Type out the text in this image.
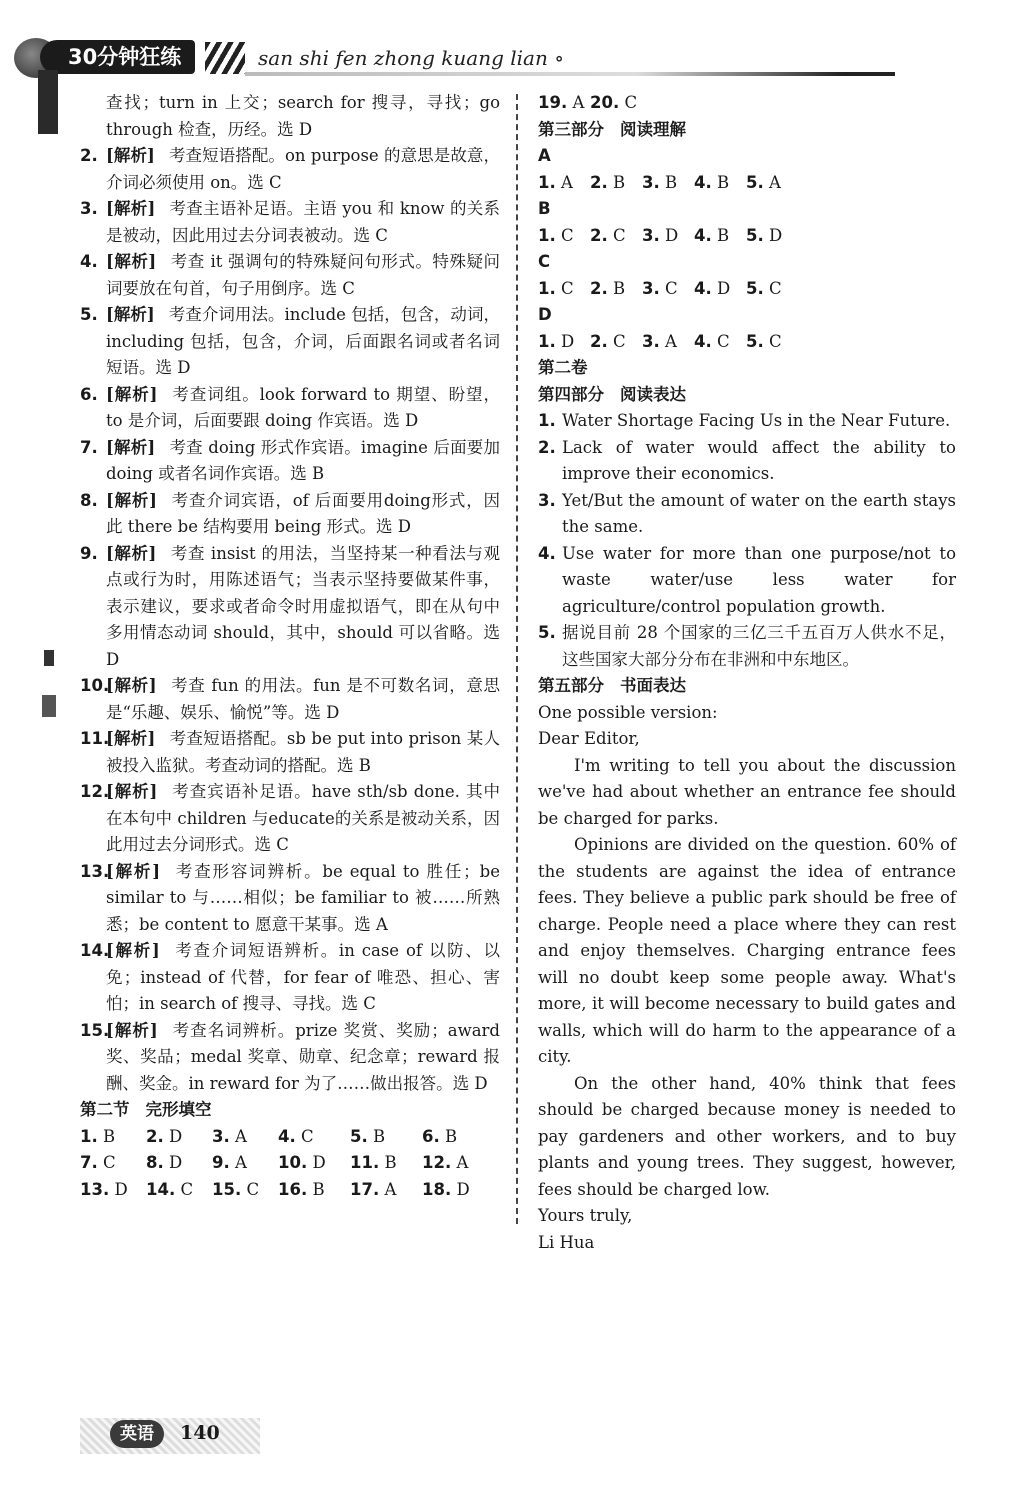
30分钟狂练	san shi fen zhong kuang lian ∘
查找；turn in 上交；search for 搜寻，寻找；go through 检查，历经。选 D
2. [解析] 考查短语搭配。on purpose 的意思是故意，介词必须使用 on。选 C
3. [解析] 考查主语补足语。主语 you 和 know 的关系是被动，因此用过去分词表被动。选 C
4. [解析] 考查 it 强调句的特殊疑问句形式。特殊疑问词要放在句首，句子用倒序。选 C
5. [解析] 考查介词用法。include 包括，包含，动词，including 包括，包含，介词，后面跟名词或者名词短语。选 D
6. [解析] 考查词组。look forward to 期望、盼望，to 是介词，后面要跟 doing 作宾语。选 D
7. [解析] 考查 doing 形式作宾语。imagine 后面要加 doing 或者名词作宾语。选 B
8. [解析] 考查介词宾语，of 后面要用doing形式，因此 there be 结构要用 being 形式。选 D
9. [解析] 考查 insist 的用法，当坚持某一种看法与观点或行为时，用陈述语气；当表示坚持要做某件事，表示建议，要求或者命令时用虚拟语气，即在从句中多用情态动词 should，其中，should 可以省略。选 D
10.
[解析] 考查 fun 的用法。fun 是不可数名词，意思是“乐趣、娱乐、愉悦”等。选 D
11.
[解析] 考查短语搭配。sb be put into prison 某人被投入监狱。考查动词的搭配。选 B
12.
[解析] 考查宾语补足语。have sth/sb done. 其中在本句中 children 与educate的关系是被动关系，因此用过去分词形式。选 C
13.
[解析] 考查形容词辨析。be equal to 胜任；be similar to 与……相似；be familiar to 被……所熟悉；be content to 愿意干某事。选 A
14.
[解析] 考查介词短语辨析。in case of 以防、以免；instead of 代替，for fear of 唯恐、担心、害怕；in search of 搜寻、寻找。选 C
15.
[解析] 考查名词辨析。prize 奖赏、奖励；award 奖、奖品；medal 奖章、勋章、纪念章；reward 报酬、奖金。in reward for 为了……做出报答。选 D
第二节 完形填空
1. B	2. D	3. A	4. C	5. B	6. B
7. C	8. D	9. A	10. D	11. B	12. A
13. D	14. C	15. C	16. B	17. A	18. D
19. A 20. C
第三部分 阅读理解
A
1. A	2. B	3. B	4. B	5. A
B
1. C 2. C 3. D 4. B	5. D
C
1. C 2. B	3. C 4. D 5. C
D
1. D 2. C 3. A	4. C 5. C
第二卷
第四部分 阅读表达
1. Water Shortage Facing Us in the Near Future.
2. Lack of water would affect the ability to improve their economics.
3. Yet/But the amount of water on the earth stays the same.
4. Use water for more than one purpose/not to waste water/use less water for agriculture/control population growth.
5. 据说目前 28 个国家的三亿三千五百万人供水不足，这些国家大部分分布在非洲和中东地区。
第五部分 书面表达

One possible version:

Dear Editor,

I'm writing to tell you about the discussion we've had about whether an entrance fee should be charged for parks.

Opinions are divided on the question. 60% of the students are against the idea of entrance fees. They believe a public park should be free of charge. People need a place where they can rest and enjoy themselves. Charging entrance fees will no doubt keep some people away. What's more, it will become necessary to build gates and walls, which will do harm to the appearance of a city.

On the other hand, 40% think that fees should be charged because money is needed to pay gardeners and other workers, and to buy plants and young trees. They suggest, however, fees should be charged low.

Yours truly,

Li Hua

英语	140
